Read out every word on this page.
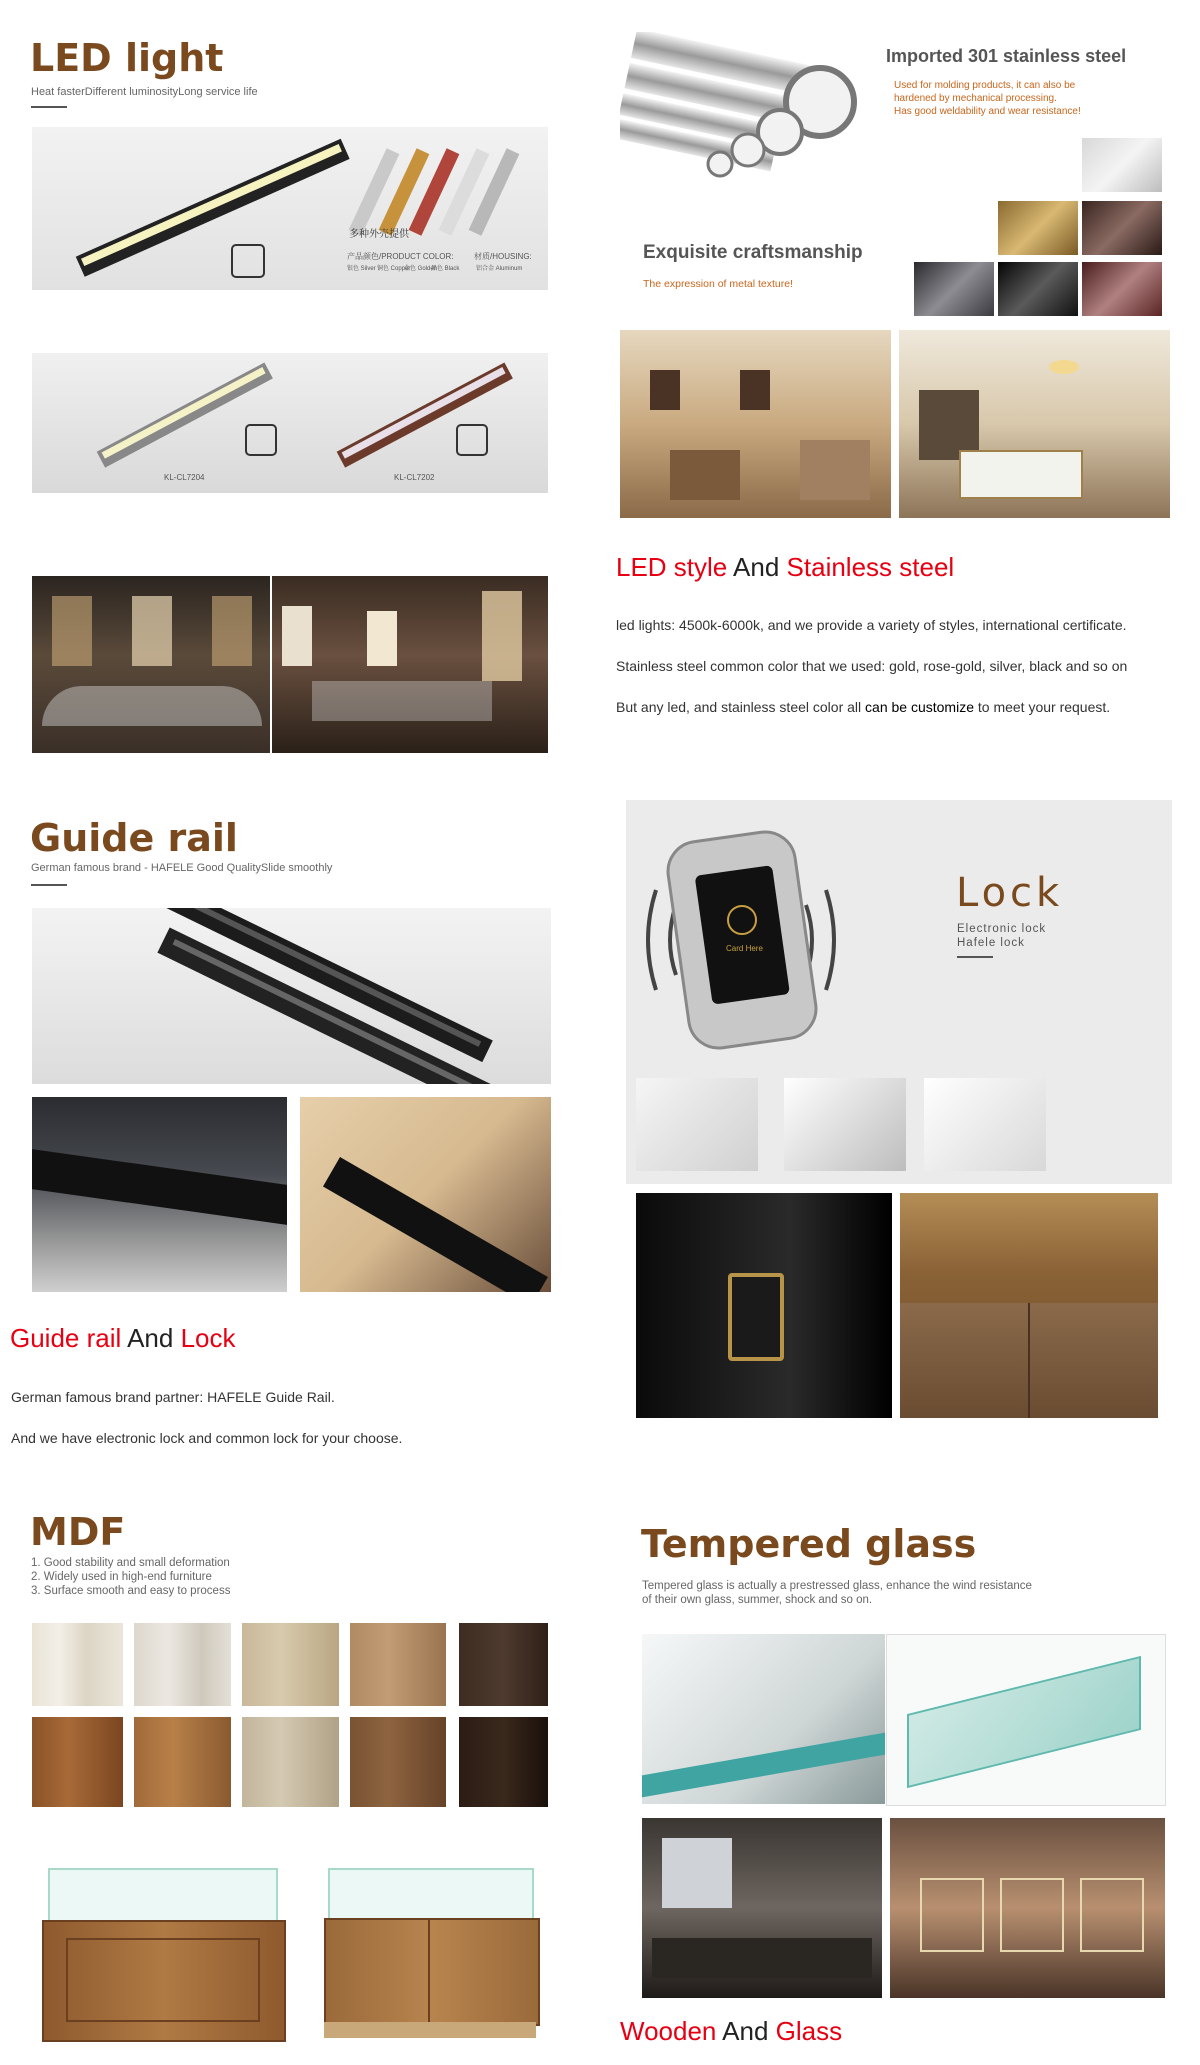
LED light
Heat fasterDifferent luminosityLong service life
多种外壳提供
产品颜色/PRODUCT COLOR:	材质/HOUSING:
银色 Silver 铜色 Copper
金色 Golden
黑色 Black	铝合金 Aluminum
KL-CL7204	KL-CL7202
Imported 301 stainless steel
Used for molding products, it can also be
hardened by mechanical processing.
Has good weldability and wear resistance!
Exquisite craftsmanship
The expression of metal texture!
LED style And Stainless steel
led lights: 4500k-6000k, and we provide a variety of styles, international certificate.
Stainless steel common color that we used: gold, rose-gold, silver, black and so on
But any led, and stainless steel color all can be customize to meet your request.
Guide rail
German famous brand - HAFELE Good QualitySlide smoothly
Guide rail And Lock
German famous brand partner: HAFELE Guide Rail.
And we have electronic lock and common lock for your choose.
Card Here
Lock
Electronic lock
Hafele lock
MDF
1. Good stability and small deformation
2. Widely used in high-end furniture
3. Surface smooth and easy to process
Tempered glass
Tempered glass is actually a prestressed glass, enhance the wind resistance
of their own glass, summer, shock and so on.
Wooden And Glass
